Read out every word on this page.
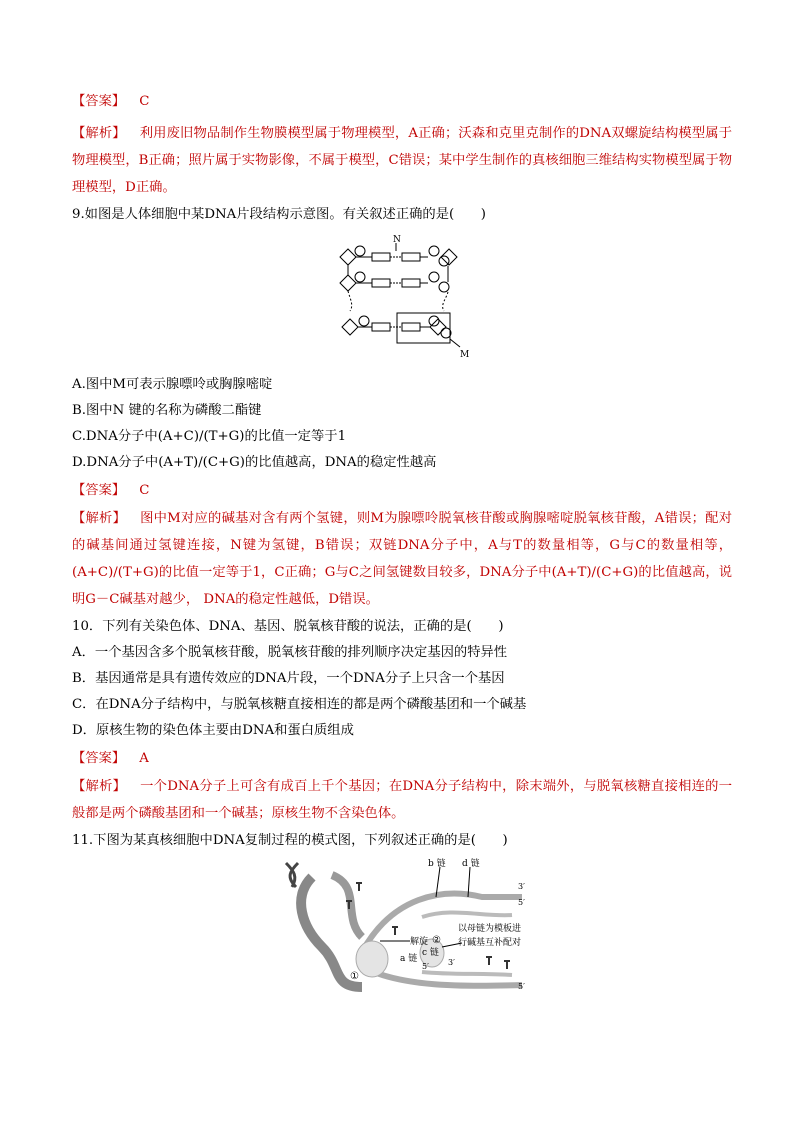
【答案】 C

【解析】 利用废旧物品制作生物膜模型属于物理模型，A正确；沃森和克里克制作的DNA双螺旋结构模型属于物理模型，B正确；照片属于实物影像，不属于模型，C错误；某中学生制作的真核细胞三维结构实物模型属于物理模型，D正确。

9.如图是人体细胞中某DNA片段结构示意图。有关叙述正确的是(　　)

N
M

A.图中M可表示腺嘌呤或胸腺嘧啶

B.图中N 键的名称为磷酸二酯键

C.DNA分子中(A+C)/(T+G)的比值一定等于1

D.DNA分子中(A+T)/(C+G)的比值越高，DNA的稳定性越高

【答案】 C

【解析】 图中M对应的碱基对含有两个氢键，则M为腺嘌呤脱氧核苷酸或胸腺嘧啶脱氧核苷酸，A错误；配对的碱基间通过氢键连接，N键为氢键，B错误；双链DNA分子中，A与T的数量相等，G与C的数量相等，(A+C)/(T+G)的比值一定等于1，C正确；G与C之间氢键数目较多，DNA分子中(A+T)/(C+G)的比值越高，说明G－C碱基对越少， DNA的稳定性越低，D错误。

10．下列有关染色体、DNA、基因、脱氧核苷酸的说法，正确的是(　　)

A．一个基因含多个脱氧核苷酸，脱氧核苷酸的排列顺序决定基因的特异性

B．基因通常是具有遗传效应的DNA片段，一个DNA分子上只含一个基因

C．在DNA分子结构中，与脱氧核糖直接相连的都是两个磷酸基团和一个碱基

D．原核生物的染色体主要由DNA和蛋白质组成

【答案】 A

【解析】 一个DNA分子上可含有成百上千个基因；在DNA分子结构中，除末端外，与脱氧核糖直接相连的一般都是两个磷酸基团和一个碱基；原核生物不含染色体。

11.下图为某真核细胞中DNA复制过程的模式图，下列叙述正确的是(　　)

b 链 d 链
3′
5′
解旋
①
②
以母链为模板进
行碱基互补配对
a 链
c 链
5′ 3′
5′
